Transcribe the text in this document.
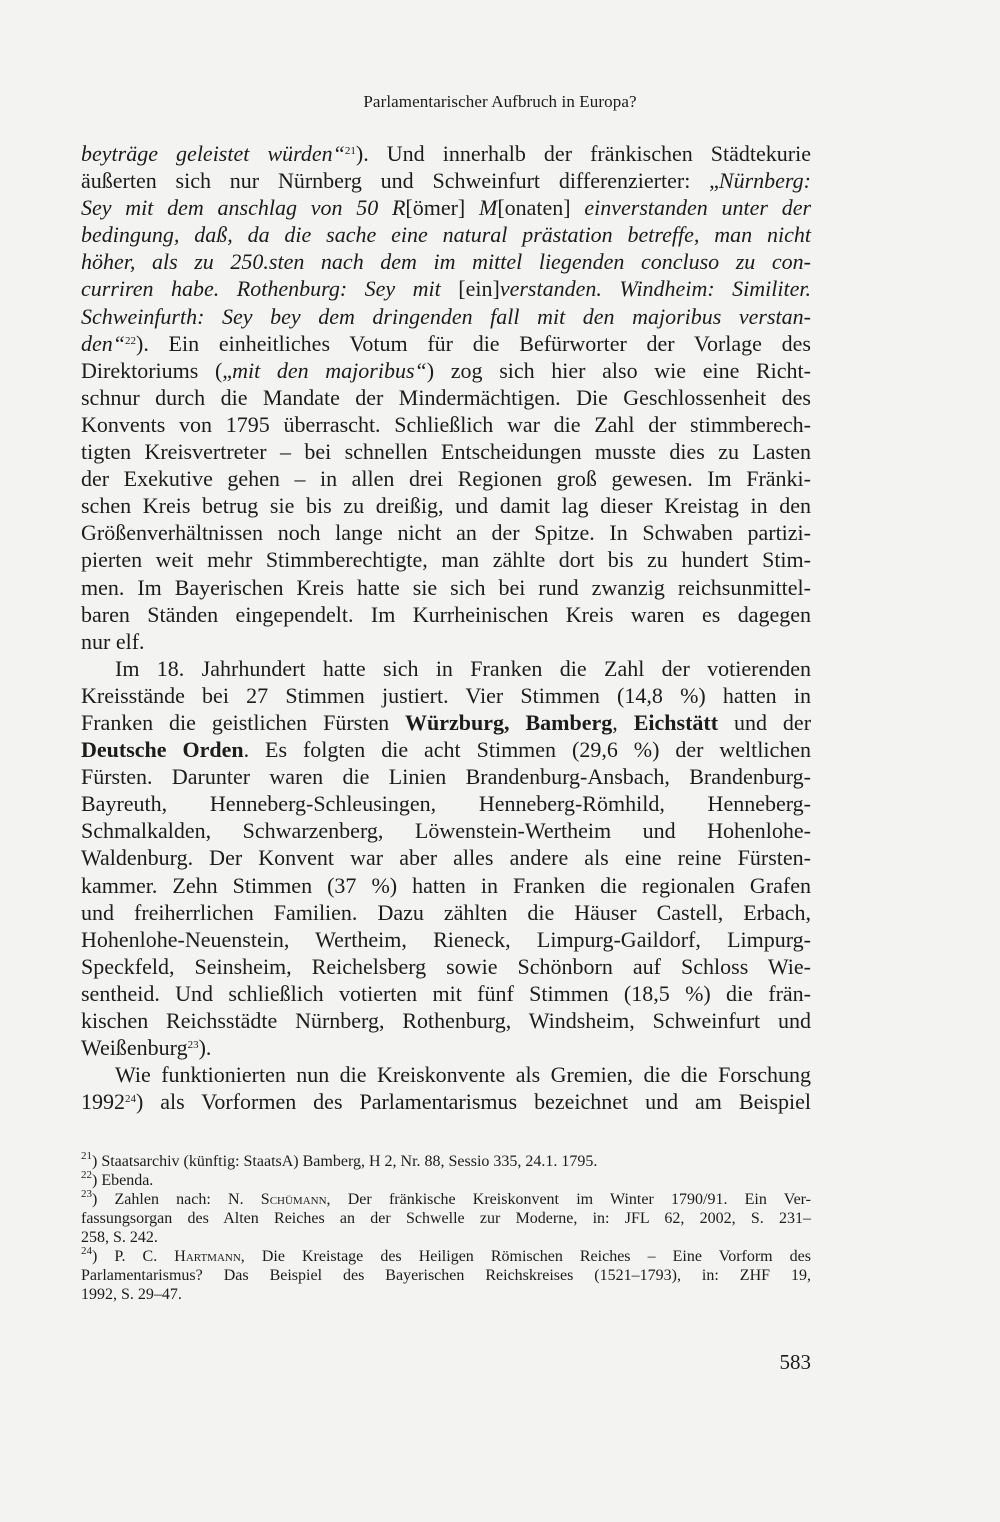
Parlamentarischer Aufbruch in Europa?
beyträge geleistet würden“$^{21}$). Und innerhalb der fränkischen Städtekurie
äußerten sich nur Nürnberg und Schweinfurt differenzierter: „Nürnberg:
Sey mit dem anschlag von 50 R[ömer] M[onaten] einverstanden unter der
bedingung, daß, da die sache eine natural prästation betreffe, man nicht
höher, als zu 250.sten nach dem im mittel liegenden concluso zu con-
curriren habe. Rothenburg: Sey mit [ein]verstanden. Windheim: Similiter.
Schweinfurth: Sey bey dem dringenden fall mit den majoribus verstan-
den“$^{22}$). Ein einheitliches Votum für die Befürworter der Vorlage des
Direktoriums („mit den majoribus“) zog sich hier also wie eine Richt-
schnur durch die Mandate der Mindermächtigen. Die Geschlossenheit des
Konvents von 1795 überrascht. Schließlich war die Zahl der stimmberech-
tigten Kreisvertreter – bei schnellen Entscheidungen musste dies zu Lasten
der Exekutive gehen – in allen drei Regionen groß gewesen. Im Fränki-
schen Kreis betrug sie bis zu dreißig, und damit lag dieser Kreistag in den
Größenverhältnissen noch lange nicht an der Spitze. In Schwaben partizi-
pierten weit mehr Stimmberechtigte, man zählte dort bis zu hundert Stim-
men. Im Bayerischen Kreis hatte sie sich bei rund zwanzig reichsunmittel-
baren Ständen eingependelt. Im Kurrheinischen Kreis waren es dagegen
nur elf.
Im 18. Jahrhundert hatte sich in Franken die Zahl der votierenden
Kreisstände bei 27 Stimmen justiert. Vier Stimmen (14,8 %) hatten in
Franken die geistlichen Fürsten Würzburg, Bamberg, Eichstätt und der
Deutsche Orden. Es folgten die acht Stimmen (29,6 %) der weltlichen
Fürsten. Darunter waren die Linien Brandenburg-Ansbach, Brandenburg-
Bayreuth, Henneberg-Schleusingen, Henneberg-Römhild, Henneberg-
Schmalkalden, Schwarzenberg, Löwenstein-Wertheim und Hohenlohe-
Waldenburg. Der Konvent war aber alles andere als eine reine Fürsten-
kammer. Zehn Stimmen (37 %) hatten in Franken die regionalen Grafen
und freiherrlichen Familien. Dazu zählten die Häuser Castell, Erbach,
Hohenlohe-Neuenstein, Wertheim, Rieneck, Limpurg-Gaildorf, Limpurg-
Speckfeld, Seinsheim, Reichelsberg sowie Schönborn auf Schloss Wie-
sentheid. Und schließlich votierten mit fünf Stimmen (18,5 %) die frän-
kischen Reichsstädte Nürnberg, Rothenburg, Windsheim, Schweinfurt und
Weißenburg$^{23}$).
Wie funktionierten nun die Kreiskonvente als Gremien, die die Forschung
1992$^{24}$) als Vorformen des Parlamentarismus bezeichnet und am Beispiel
$^{21}$) Staatsarchiv (künftig: StaatsA) Bamberg, H 2, Nr. 88, Sessio 335, 24.1. 1795.
$^{22}$) Ebenda.
$^{23}$) Zahlen nach: N. Schümann, Der fränkische Kreiskonvent im Winter 1790/91. Ein Ver-
fassungsorgan des Alten Reiches an der Schwelle zur Moderne, in: JFL 62, 2002, S. 231–
258, S. 242.
$^{24}$) P. C. Hartmann, Die Kreistage des Heiligen Römischen Reiches – Eine Vorform des
Parlamentarismus? Das Beispiel des Bayerischen Reichskreises (1521–1793), in: ZHF 19,
1992, S. 29–47.
583
